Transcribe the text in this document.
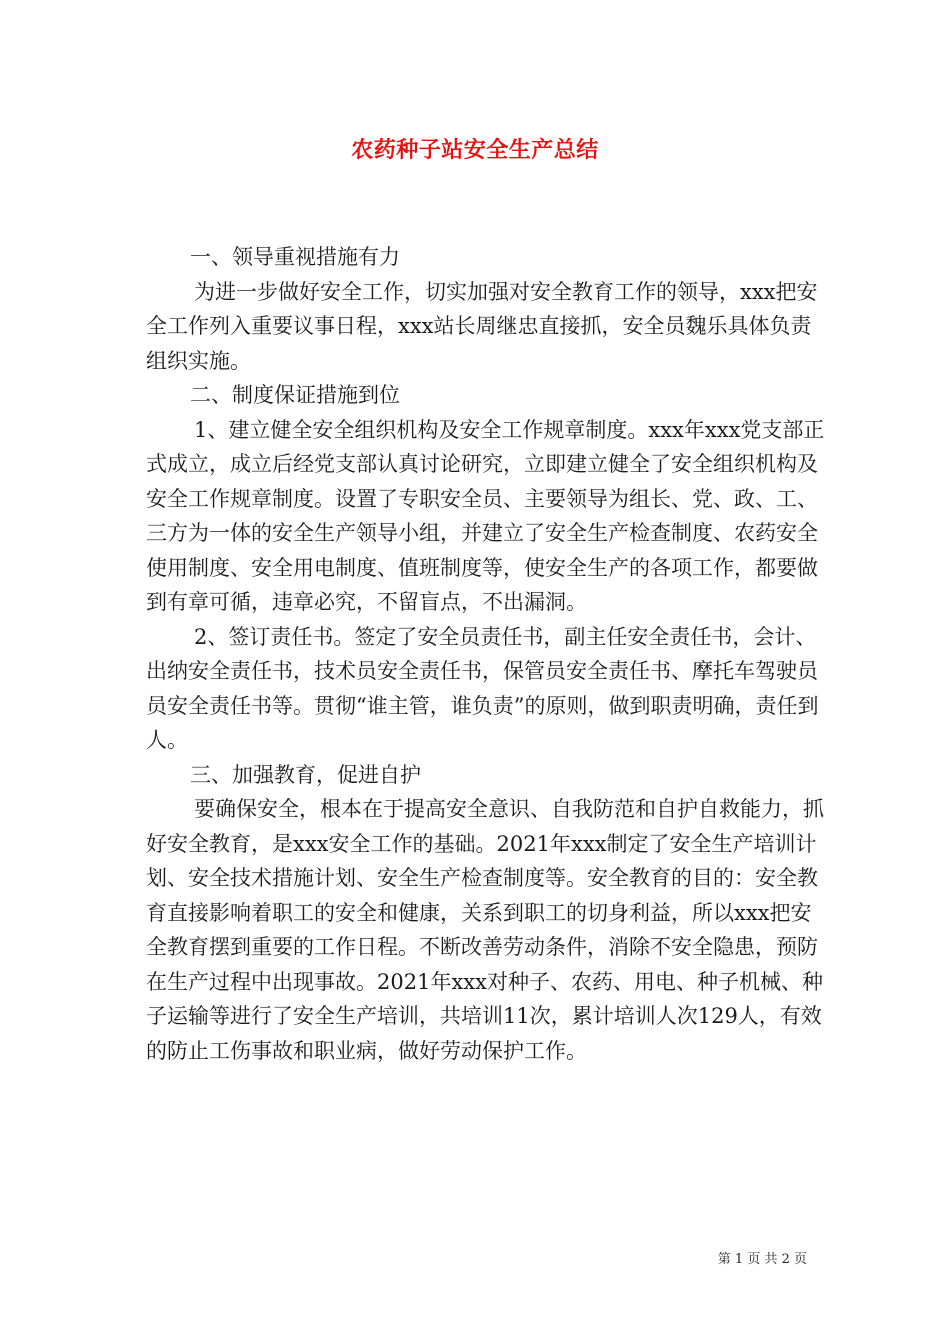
农药种子站安全生产总结

一、领导重视措施有力

为进一步做好安全工作，切实加强对安全教育工作的领导，xxx把安全工作列入重要议事日程，xxx站长周继忠直接抓，安全员魏乐具体负责组织实施。

二、制度保证措施到位

1、建立健全安全组织机构及安全工作规章制度。xxx年xxx党支部正式成立，成立后经党支部认真讨论研究，立即建立健全了安全组织机构及安全工作规章制度。设置了专职安全员、主要领导为组长、党、政、工、三方为一体的安全生产领导小组，并建立了安全生产检查制度、农药安全使用制度、安全用电制度、值班制度等，使安全生产的各项工作，都要做到有章可循，违章必究，不留盲点，不出漏洞。

2、签订责任书。签定了安全员责任书，副主任安全责任书，会计、出纳安全责任书，技术员安全责任书，保管员安全责任书、摩托车驾驶员员安全责任书等。贯彻“谁主管，谁负责”的原则，做到职责明确，责任到人。

三、加强教育，促进自护

要确保安全，根本在于提高安全意识、自我防范和自护自救能力，抓好安全教育，是xxx安全工作的基础。2021年xxx制定了安全生产培训计划、安全技术措施计划、安全生产检查制度等。安全教育的目的：安全教育直接影响着职工的安全和健康，关系到职工的切身利益，所以xxx把安全教育摆到重要的工作日程。不断改善劳动条件，消除不安全隐患，预防在生产过程中出现事故。2021年xxx对种子、农药、用电、种子机械、种子运输等进行了安全生产培训，共培训11次，累计培训人次129人，有效的防止工伤事故和职业病，做好劳动保护工作。

第 1 页 共 2 页
